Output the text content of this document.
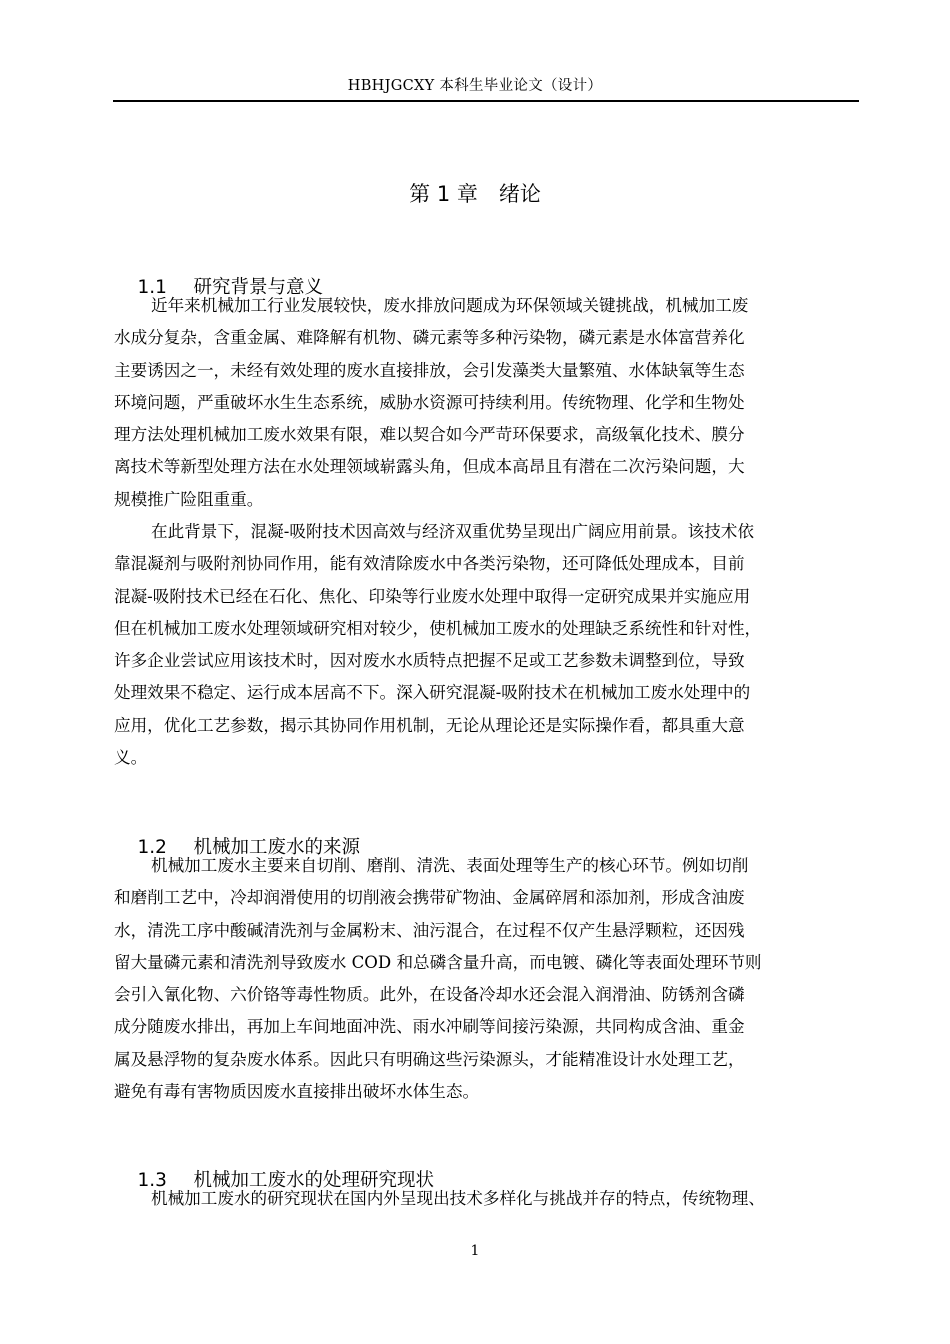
HBHJGCXY 本科生毕业论文（设计）
第 1 章　绪论

1.1 研究背景与意义

近年来机械加工行业发展较快，废水排放问题成为环保领域关键挑战，机械加工废
水成分复杂，含重金属、难降解有机物、磷元素等多种污染物，磷元素是水体富营养化
主要诱因之一，未经有效处理的废水直接排放，会引发藻类大量繁殖、水体缺氧等生态
环境问题，严重破坏水生生态系统，威胁水资源可持续利用。传统物理、化学和生物处
理方法处理机械加工废水效果有限，难以契合如今严苛环保要求，高级氧化技术、膜分
离技术等新型处理方法在水处理领域崭露头角，但成本高昂且有潜在二次污染问题，大
规模推广险阻重重。
在此背景下，混凝-吸附技术因高效与经济双重优势呈现出广阔应用前景。该技术依
靠混凝剂与吸附剂协同作用，能有效清除废水中各类污染物，还可降低处理成本，目前
混凝-吸附技术已经在石化、焦化、印染等行业废水处理中取得一定研究成果并实施应用
但在机械加工废水处理领域研究相对较少，使机械加工废水的处理缺乏系统性和针对性，
许多企业尝试应用该技术时，因对废水水质特点把握不足或工艺参数未调整到位，导致
处理效果不稳定、运行成本居高不下。深入研究混凝-吸附技术在机械加工废水处理中的
应用，优化工艺参数，揭示其协同作用机制，无论从理论还是实际操作看，都具重大意
义。

1.2 机械加工废水的来源

机械加工废水主要来自切削、磨削、清洗、表面处理等生产的核心环节。例如切削
和磨削工艺中，冷却润滑使用的切削液会携带矿物油、金属碎屑和添加剂，形成含油废
水，清洗工序中酸碱清洗剂与金属粉末、油污混合，在过程不仅产生悬浮颗粒，还因残
留大量磷元素和清洗剂导致废水 COD 和总磷含量升高，而电镀、磷化等表面处理环节则
会引入氰化物、六价铬等毒性物质。此外，在设备冷却水还会混入润滑油、防锈剂含磷
成分随废水排出，再加上车间地面冲洗、雨水冲刷等间接污染源，共同构成含油、重金
属及悬浮物的复杂废水体系。因此只有明确这些污染源头，才能精准设计水处理工艺，
避免有毒有害物质因废水直接排出破坏水体生态。

1.3 机械加工废水的处理研究现状

机械加工废水的研究现状在国内外呈现出技术多样化与挑战并存的特点，传统物理、
1
